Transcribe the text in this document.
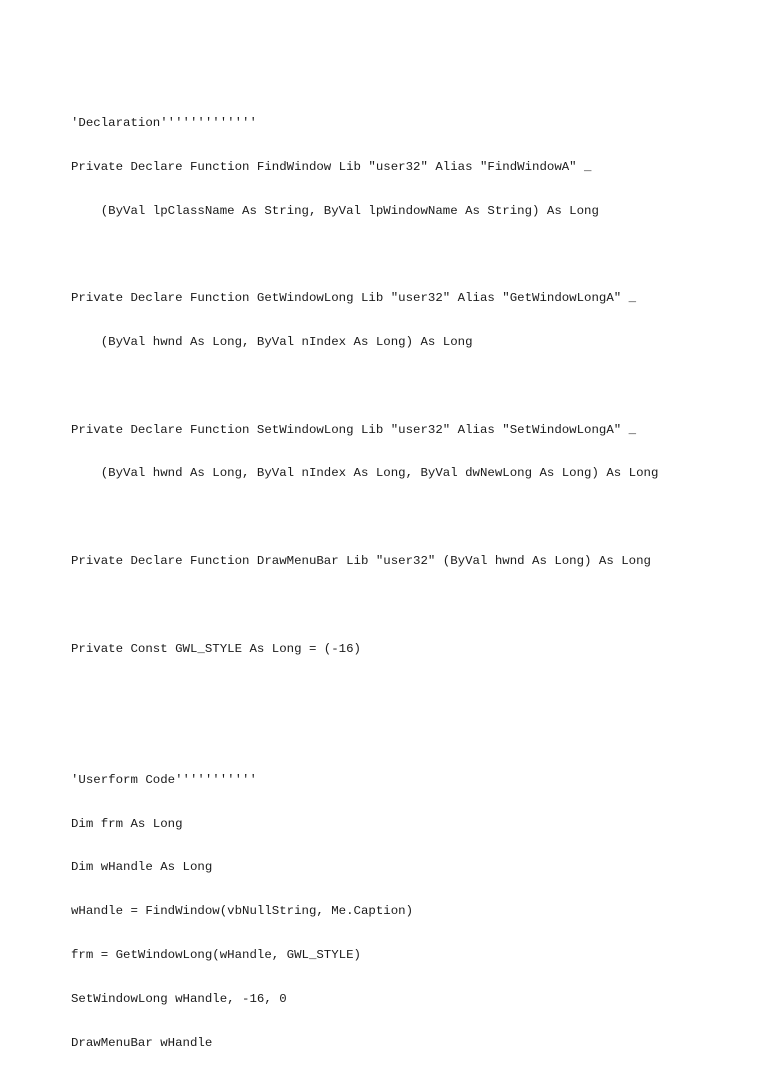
'Declaration'''''''''''''

Private Declare Function FindWindow Lib "user32" Alias "FindWindowA" _

(ByVal lpClassName As String, ByVal lpWindowName As String) As Long

Private Declare Function GetWindowLong Lib "user32" Alias "GetWindowLongA" _

(ByVal hwnd As Long, ByVal nIndex As Long) As Long

Private Declare Function SetWindowLong Lib "user32" Alias "SetWindowLongA" _

(ByVal hwnd As Long, ByVal nIndex As Long, ByVal dwNewLong As Long) As Long

Private Declare Function DrawMenuBar Lib "user32" (ByVal hwnd As Long) As Long

Private Const GWL_STYLE As Long = (-16)

'Userform Code'''''''''''

Dim frm As Long

Dim wHandle As Long

wHandle = FindWindow(vbNullString, Me.Caption)

frm = GetWindowLong(wHandle, GWL_STYLE)

SetWindowLong wHandle, -16, 0

DrawMenuBar wHandle
